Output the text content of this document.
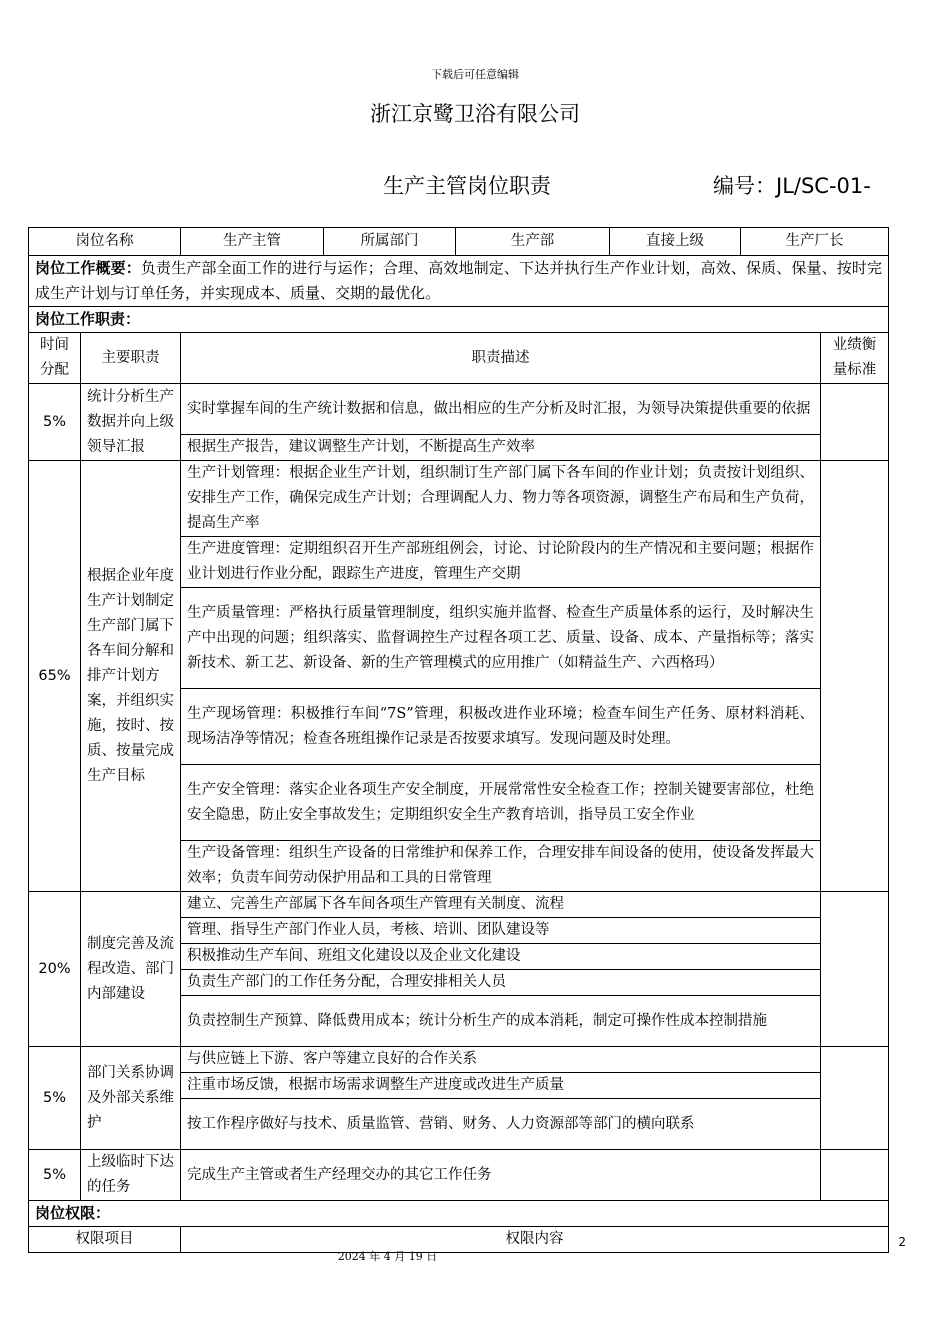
下载后可任意编辑
浙江京鹭卫浴有限公司
生产主管岗位职责	编号：JL/SC-01-
岗位名称		生产主管	所属部门	生产部	直接上级	生产厂长	
岗位工作概要：负责生产部全面工作的进行与运作；合理、高效地制定、下达并执行生产作业计划，高效、保质、保量、按时完成生产计划与订单任务，并实现成本、质量、交期的最优化。							
岗位工作职责：							
时间分配	主要职责	职责描述					业绩衡量标准
5%	统计分析生产数据并向上级领导汇报	实时掌握车间的生产统计数据和信息，做出相应的生产分析及时汇报，为领导决策提供重要的依据					
		根据生产报告，建议调整生产计划，不断提高生产效率					
65%	根据企业年度生产计划制定生产部门属下各车间分解和排产计划方案，并组织实施，按时、按质、按量完成生产目标	生产计划管理：根据企业生产计划，组织制订生产部门属下各车间的作业计划；负责按计划组织、安排生产工作，确保完成生产计划；合理调配人力、物力等各项资源，调整生产布局和生产负荷，提高生产率					
		生产进度管理：定期组织召开生产部班组例会，讨论、讨论阶段内的生产情况和主要问题；根据作业计划进行作业分配，跟踪生产进度，管理生产交期					
		生产质量管理：严格执行质量管理制度，组织实施并监督、检查生产质量体系的运行，及时解决生产中出现的问题；组织落实、监督调控生产过程各项工艺、质量、设备、成本、产量指标等；落实新技术、新工艺、新设备、新的生产管理模式的应用推广（如精益生产、六西格玛）					
		生产现场管理：积极推行车间“7S”管理，积极改进作业环境；检查车间生产任务、原材料消耗、现场洁净等情况；检查各班组操作记录是否按要求填写。发现问题及时处理。					
		生产安全管理：落实企业各项生产安全制度，开展常常性安全检查工作；控制关键要害部位，杜绝安全隐患，防止安全事故发生；定期组织安全生产教育培训，指导员工安全作业					
		生产设备管理：组织生产设备的日常维护和保养工作，合理安排车间设备的使用，使设备发挥最大效率；负责车间劳动保护用品和工具的日常管理					
20%	制度完善及流程改造、部门内部建设	建立、完善生产部属下各车间各项生产管理有关制度、流程					
		管理、指导生产部门作业人员，考核、培训、团队建设等					
		积极推动生产车间、班组文化建设以及企业文化建设					
		负责生产部门的工作任务分配，合理安排相关人员					
		负责控制生产预算、降低费用成本；统计分析生产的成本消耗，制定可操作性成本控制措施					
5%	部门关系协调及外部关系维护	与供应链上下游、客户等建立良好的合作关系					
		注重市场反馈，根据市场需求调整生产进度或改进生产质量					
		按工作程序做好与技术、质量监管、营销、财务、人力资源部等部门的横向联系					
5%	上级临时下达的任务	完成生产主管或者生产经理交办的其它工作任务					
岗位权限：							
权限项目		权限内容						2
2024 年 4 月 19 日
